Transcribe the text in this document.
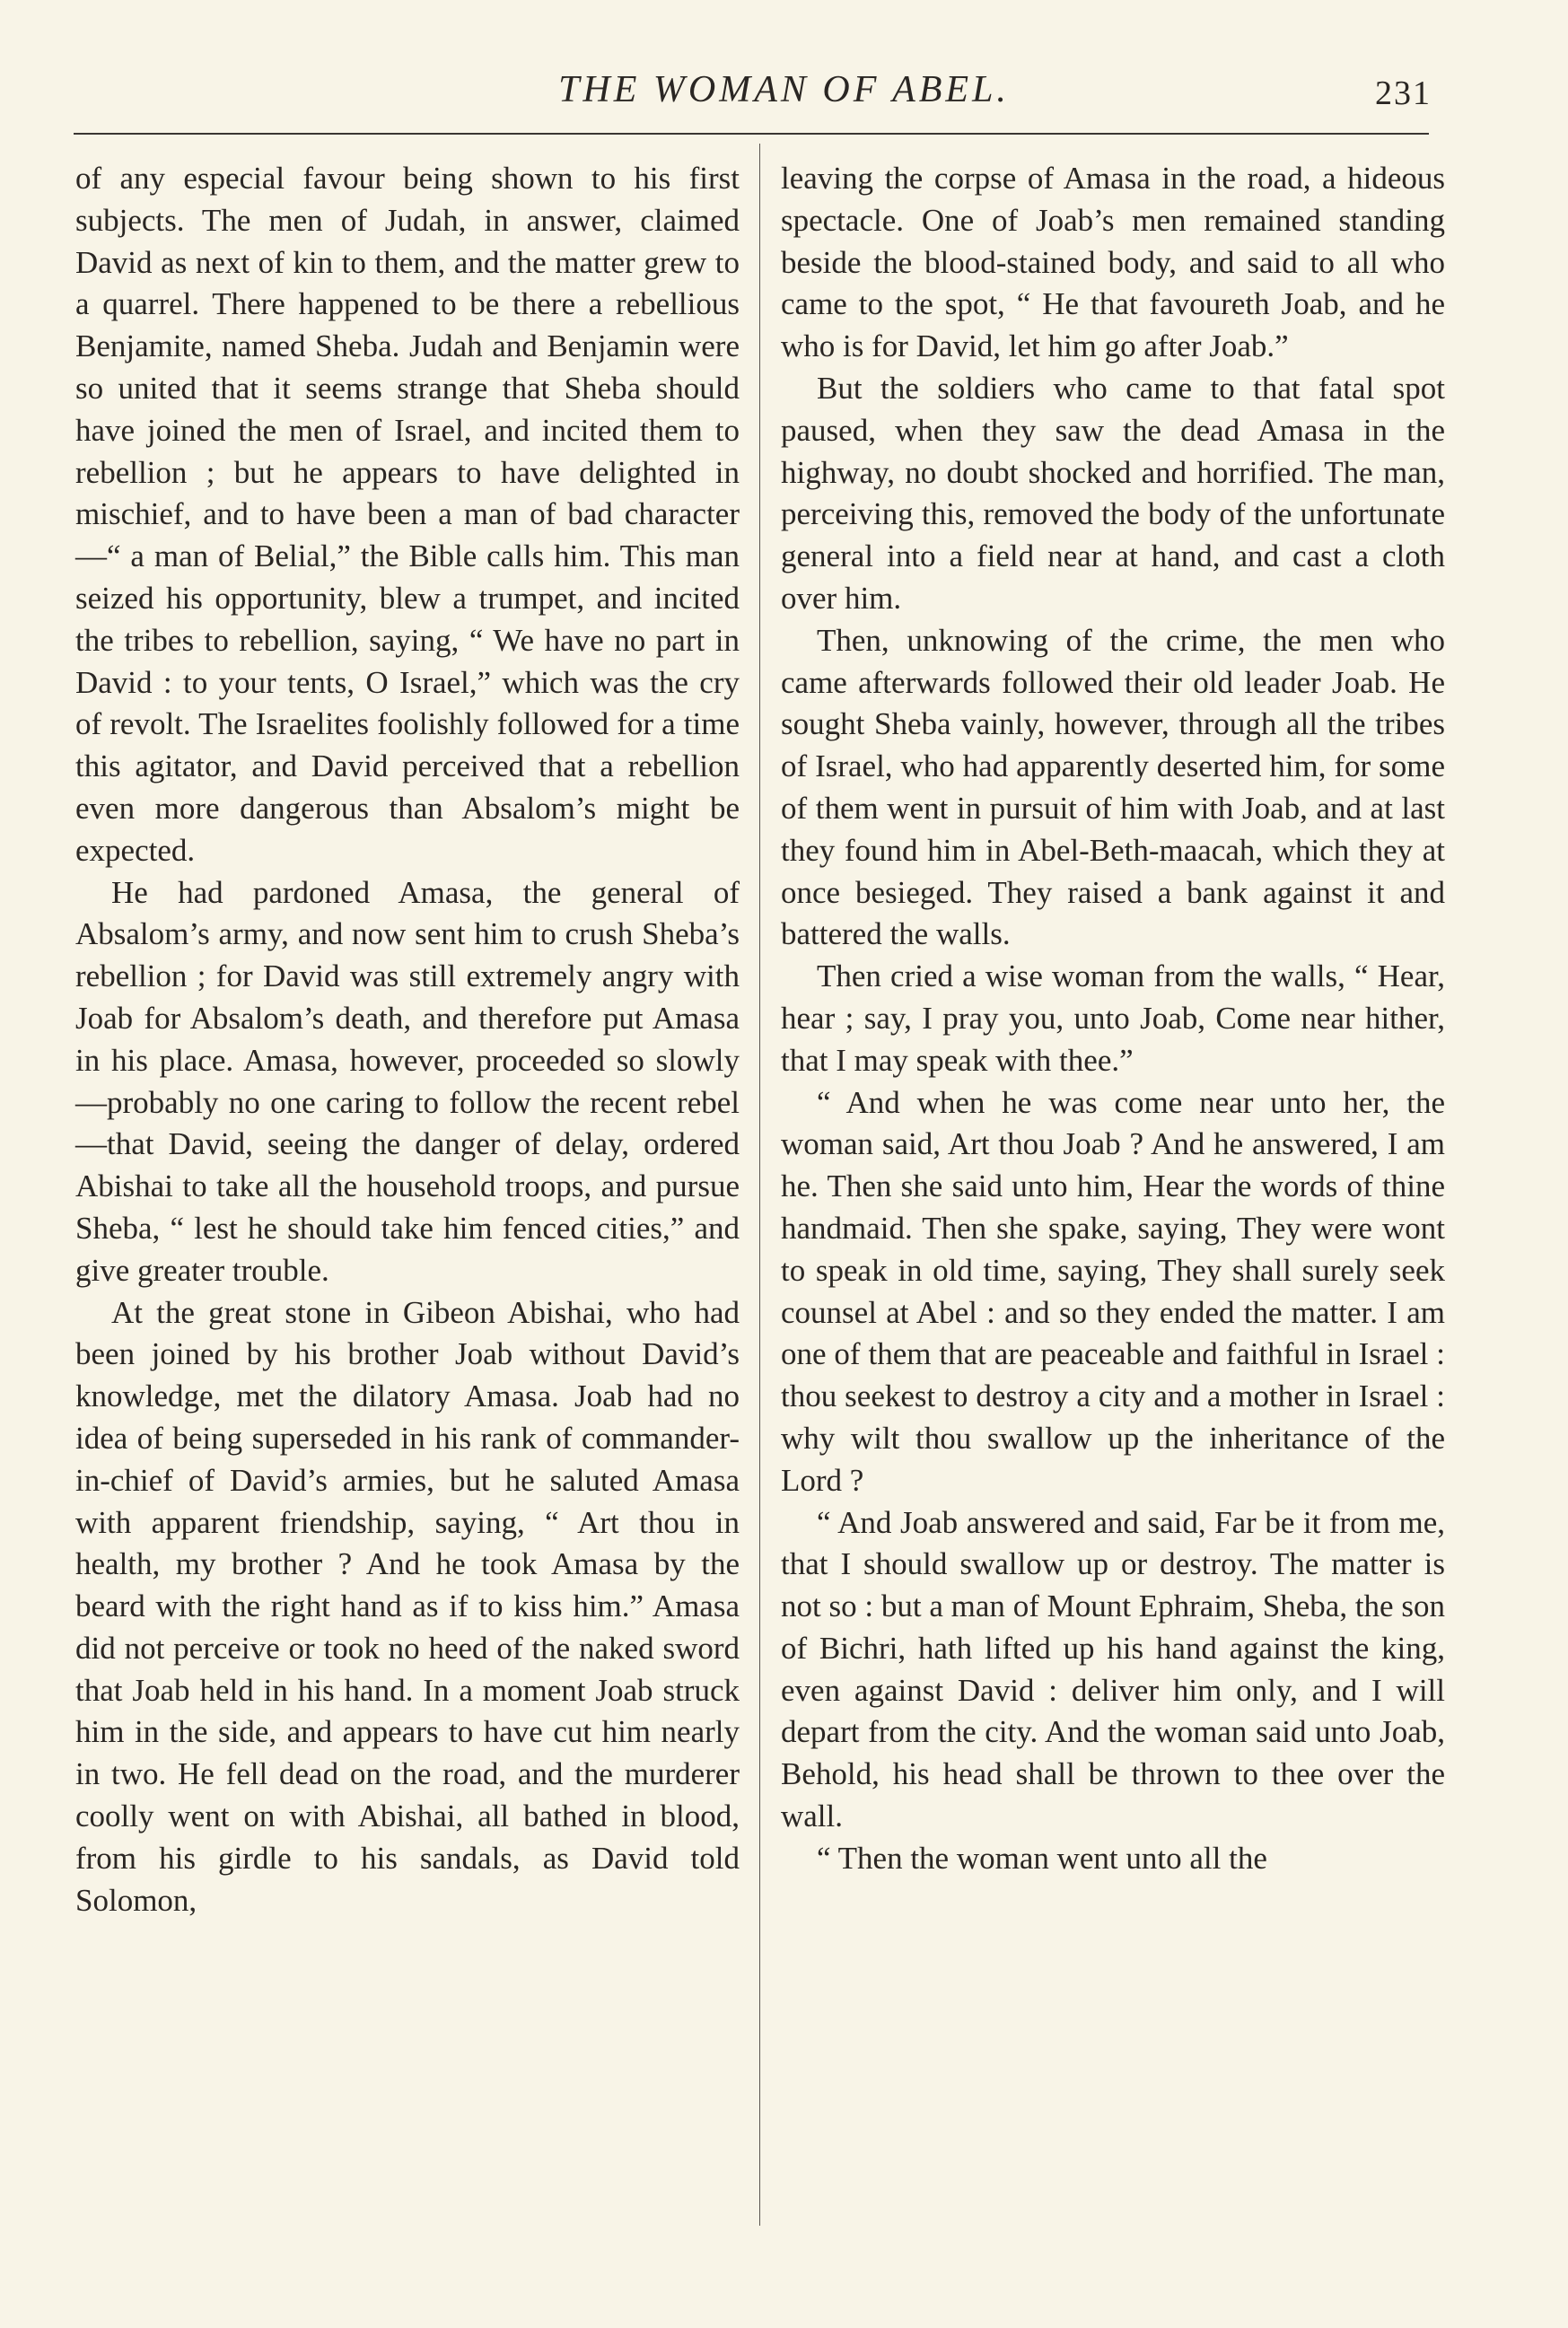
THE WOMAN OF ABEL.	231

of any especial favour being shown to his first subjects. The men of Judah, in answer, claimed David as next of kin to them, and the matter grew to a quarrel. There happened to be there a rebellious Benjamite, named Sheba. Judah and Benjamin were so united that it seems strange that Sheba should have joined the men of Israel, and incited them to rebellion ; but he appears to have delighted in mischief, and to have been a man of bad character—“ a man of Belial,” the Bible calls him. This man seized his opportunity, blew a trumpet, and incited the tribes to rebellion, saying, “ We have no part in David : to your tents, O Israel,” which was the cry of revolt. The Israelites foolishly followed for a time this agitator, and David perceived that a rebellion even more dangerous than Absalom’s might be expected.

He had pardoned Amasa, the general of Absalom’s army, and now sent him to crush Sheba’s rebellion ; for David was still extremely angry with Joab for Absalom’s death, and therefore put Amasa in his place. Amasa, however, proceeded so slowly—probably no one caring to follow the recent rebel—that David, seeing the danger of delay, ordered Abishai to take all the household troops, and pursue Sheba, “ lest he should take him fenced cities,” and give greater trouble.

At the great stone in Gibeon Abishai, who had been joined by his brother Joab without David’s knowledge, met the dilatory Amasa. Joab had no idea of being superseded in his rank of commander-in-chief of David’s armies, but he saluted Amasa with apparent friendship, saying, “ Art thou in health, my brother ? And he took Amasa by the beard with the right hand as if to kiss him.” Amasa did not perceive or took no heed of the naked sword that Joab held in his hand. In a moment Joab struck him in the side, and appears to have cut him nearly in two. He fell dead on the road, and the murderer coolly went on with Abishai, all bathed in blood, from his girdle to his sandals, as David told Solomon,

leaving the corpse of Amasa in the road, a hideous spectacle. One of Joab’s men remained standing beside the blood-stained body, and said to all who came to the spot, “ He that favoureth Joab, and he who is for David, let him go after Joab.”

But the soldiers who came to that fatal spot paused, when they saw the dead Amasa in the highway, no doubt shocked and horrified. The man, perceiving this, removed the body of the unfortunate general into a field near at hand, and cast a cloth over him.

Then, unknowing of the crime, the men who came afterwards followed their old leader Joab. He sought Sheba vainly, however, through all the tribes of Israel, who had apparently deserted him, for some of them went in pursuit of him with Joab, and at last they found him in Abel-Beth-maacah, which they at once besieged. They raised a bank against it and battered the walls.

Then cried a wise woman from the walls, “ Hear, hear ; say, I pray you, unto Joab, Come near hither, that I may speak with thee.”

“ And when he was come near unto her, the woman said, Art thou Joab ? And he answered, I am he. Then she said unto him, Hear the words of thine handmaid. Then she spake, saying, They were wont to speak in old time, saying, They shall surely seek counsel at Abel : and so they ended the matter. I am one of them that are peaceable and faithful in Israel : thou seekest to destroy a city and a mother in Israel : why wilt thou swallow up the inheritance of the Lord ?

“ And Joab answered and said, Far be it from me, that I should swallow up or destroy. The matter is not so : but a man of Mount Ephraim, Sheba, the son of Bichri, hath lifted up his hand against the king, even against David : deliver him only, and I will depart from the city. And the woman said unto Joab, Behold, his head shall be thrown to thee over the wall.

“ Then the woman went unto all the
